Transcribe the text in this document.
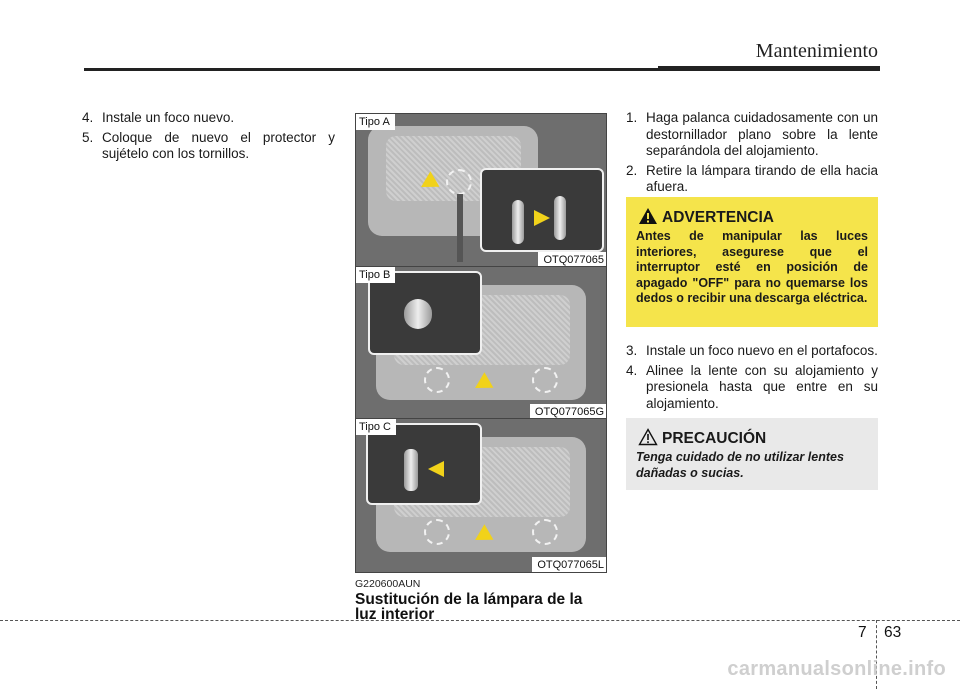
Mantenimiento
4. Instale un foco nuevo.
5. Coloque de nuevo el protector y sujételo con los tornillos.
Tipo A
OTQ077065
Tipo B
OTQ077065G
Tipo C
OTQ077065L
G220600AUN
Sustitución de la lámpara de la luz interior
1. Haga palanca cuidadosamente con un destornillador plano sobre la lente separándola del alojamiento.
2. Retire la lámpara tirando de ella hacia afuera.
ADVERTENCIA
Antes de manipular las luces interiores, asegurese que el interruptor esté en posición de apagado "OFF" para no quemarse los dedos o recibir una descarga eléctrica.
3. Instale un foco nuevo en el portafocos.
4. Alinee la lente con su alojamiento y presionela hasta que entre en su alojamiento.
PRECAUCIÓN
Tenga cuidado de no utilizar lentes dañadas o sucias.
7 63
carmanualsonline.info
